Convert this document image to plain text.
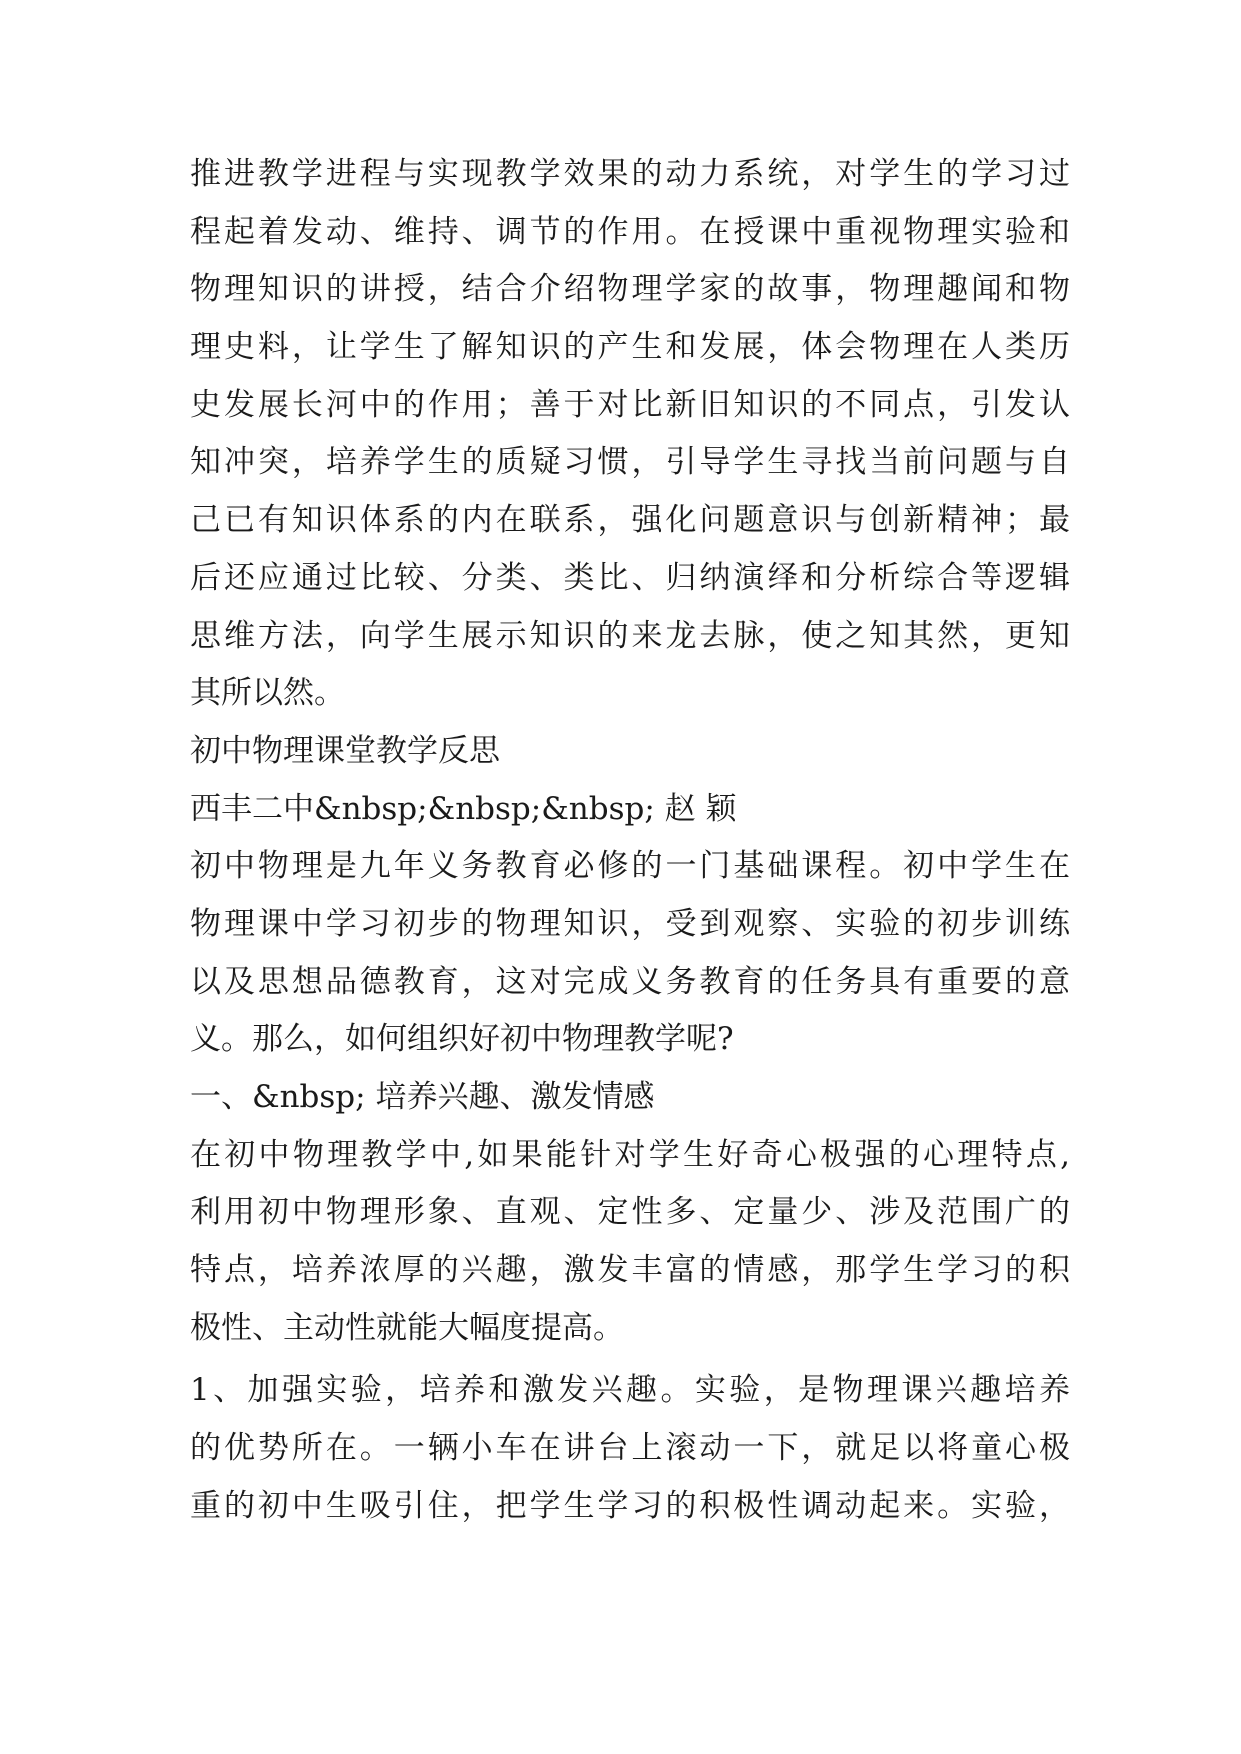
推进教学进程与实现教学效果的动力系统，对学生的学习过
程起着发动、维持、调节的作用。在授课中重视物理实验和
物理知识的讲授，结合介绍物理学家的故事，物理趣闻和物
理史料，让学生了解知识的产生和发展，体会物理在人类历
史发展长河中的作用；善于对比新旧知识的不同点，引发认
知冲突，培养学生的质疑习惯，引导学生寻找当前问题与自
己已有知识体系的内在联系，强化问题意识与创新精神；最
后还应通过比较、分类、类比、归纳演绎和分析综合等逻辑
思维方法，向学生展示知识的来龙去脉，使之知其然，更知
其所以然。
初中物理课堂教学反思
西丰二中&nbsp;&nbsp;&nbsp; 赵 颖
初中物理是九年义务教育必修的一门基础课程。初中学生在
物理课中学习初步的物理知识，受到观察、实验的初步训练
以及思想品德教育，这对完成义务教育的任务具有重要的意
义。那么，如何组织好初中物理教学呢?
一、&nbsp; 培养兴趣、激发情感
在初中物理教学中,如果能针对学生好奇心极强的心理特点,
利用初中物理形象、直观、定性多、定量少、涉及范围广的
特点，培养浓厚的兴趣，激发丰富的情感，那学生学习的积
极性、主动性就能大幅度提高。
1、加强实验，培养和激发兴趣。实验，是物理课兴趣培养
的优势所在。一辆小车在讲台上滚动一下，就足以将童心极
重的初中生吸引住，把学生学习的积极性调动起来。实验，
